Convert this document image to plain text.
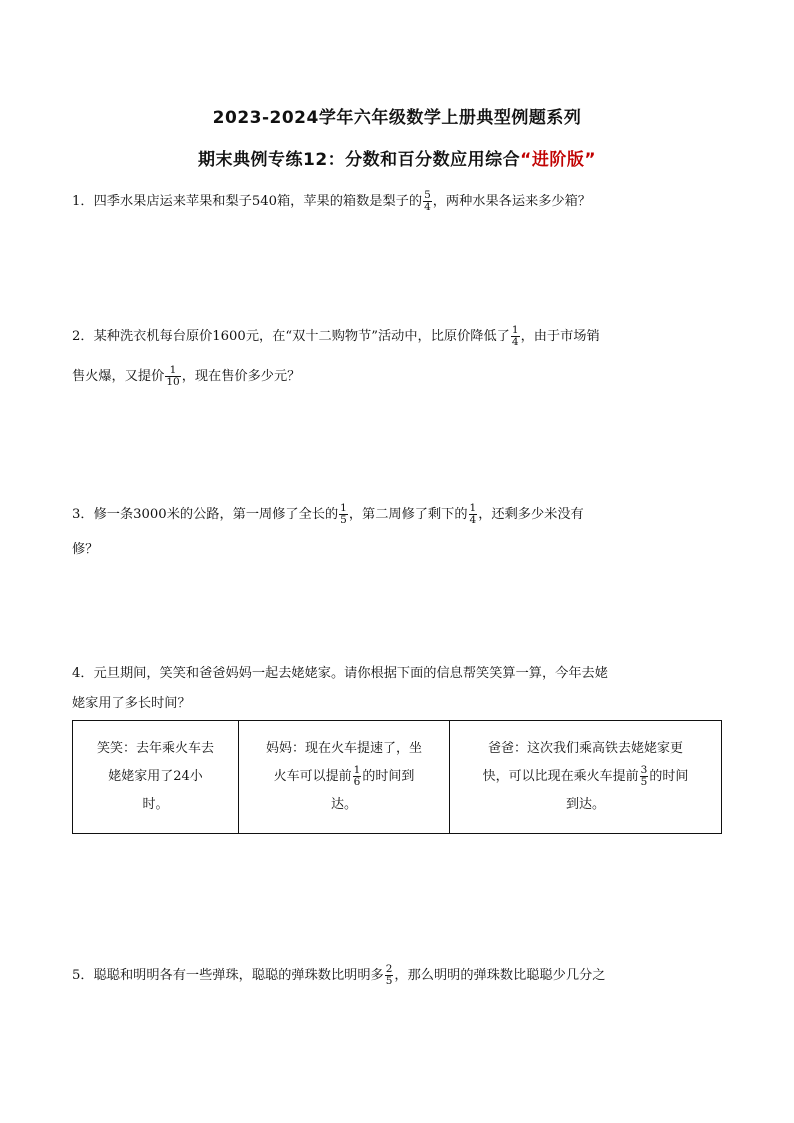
2023-2024学年六年级数学上册典型例题系列
期末典例专练12：分数和百分数应用综合“进阶版”
1．四季水果店运来苹果和梨子540箱，苹果的箱数是梨子的 $\frac{5}{4}$ ，两种水果各运来多少箱？
2．某种洗衣机每台原价1600元，在“双十二购物节”活动中，比原价降低了 $\frac{1}{4}$ ，由于市场销
售火爆，又提价 $\frac{1}{10}$ ，现在售价多少元？
3．修一条3000米的公路，第一周修了全长的 $\frac{1}{5}$ ，第二周修了剩下的 $\frac{1}{4}$ ，还剩多少米没有
修？
4．元旦期间，笑笑和爸爸妈妈一起去姥姥家。请你根据下面的信息帮笑笑算一算，今年去姥
姥家用了多长时间？
笑笑：去年乘火车去
姥姥家用了24小
时。

妈妈：现在火车提速了，坐
火车可以提前 $\frac{1}{6}$ 的时间到
达。

爸爸：这次我们乘高铁去姥姥家更
快，可以比现在乘火车提前 $\frac{3}{5}$ 的时间
到达。
5．聪聪和明明各有一些弹珠，聪聪的弹珠数比明明多 $\frac{2}{5}$ ，那么明明的弹珠数比聪聪少几分之
